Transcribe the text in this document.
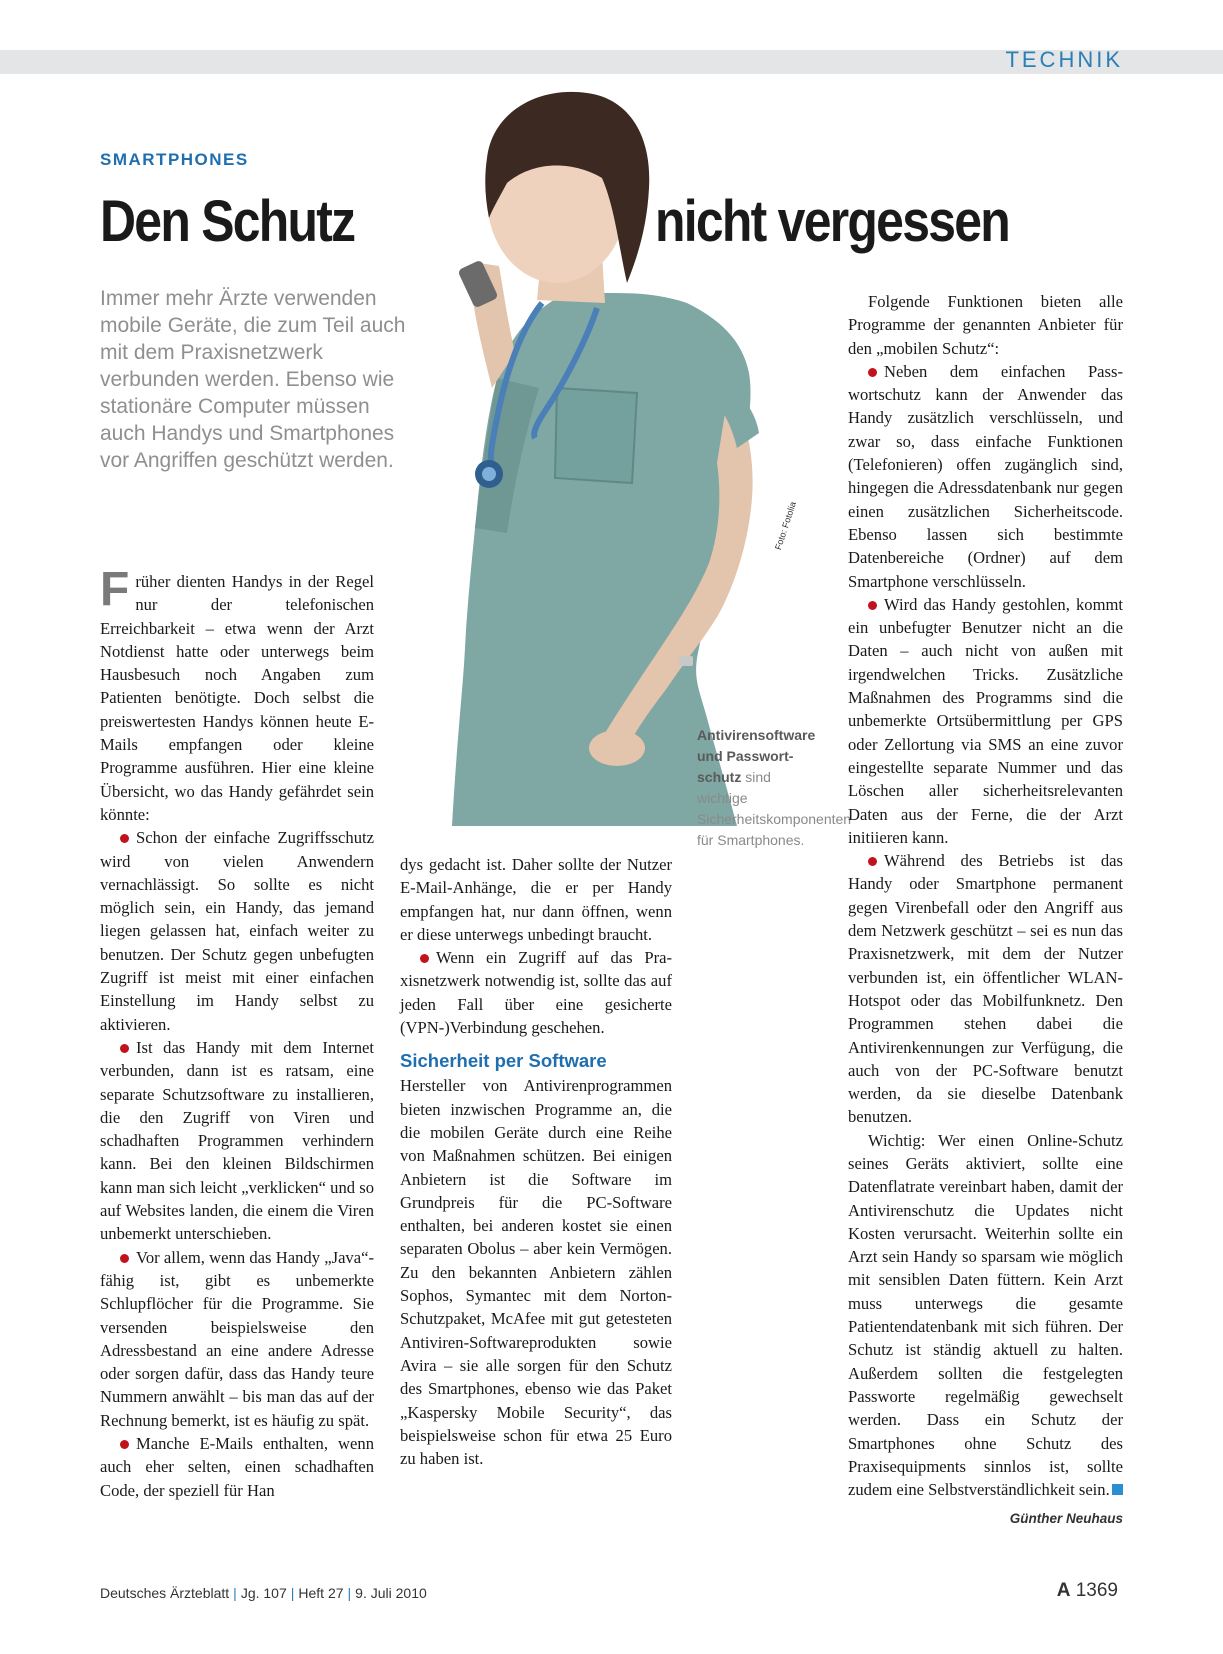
TECHNIK
SMARTPHONES
Den Schutz	nicht vergessen
Immer mehr Ärzte verwenden mobile Geräte, die zum Teil auch mit dem Praxisnetzwerk verbunden werden. Ebenso wie stationäre Computer müssen auch Handys und Smartphones vor Angriffen geschützt werden.
Foto: Fotolia
Antivirensoftware und Passwortschutz sind wichtige Sicherheitskomponenten für Smartphones.

Früher dienten Handys in der Regel nur der telefonischen Erreichbarkeit – etwa wenn der Arzt Notdienst hatte oder unterwegs beim Hausbesuch noch Angaben zum Patienten benötigte. Doch selbst die preiswertesten Handys können heute E-Mails empfangen oder kleine Programme ausführen. Hier eine kleine Übersicht, wo das Handy gefährdet sein könnte:

Schon der einfache Zugriffsschutz wird von vielen Anwendern vernachlässigt. So sollte es nicht möglich sein, ein Handy, das jemand liegen gelassen hat, einfach weiter zu benutzen. Der Schutz gegen unbefugten Zugriff ist meist mit einer einfachen Einstellung im Handy selbst zu aktivieren.

Ist das Handy mit dem Internet verbunden, dann ist es ratsam, eine separate Schutzsoftware zu installieren, die den Zugriff von Viren und schadhaften Programmen verhindern kann. Bei den kleinen Bildschirmen kann man sich leicht „verklicken“ und so auf Websites landen, die einem die Viren unbemerkt unterschieben.

Vor allem, wenn das Handy „Java“-fähig ist, gibt es unbemerkte Schlupflöcher für die Programme. Sie versenden beispielsweise den Adressbestand an eine andere Adresse oder sorgen dafür, dass das Handy teure Nummern anwählt – bis man das auf der Rechnung bemerkt, ist es häufig zu spät.

Manche E-Mails enthalten, wenn auch eher selten, einen schadhaften Code, der speziell für Han

dys gedacht ist. Daher sollte der Nutzer E-Mail-Anhänge, die er per Handy empfangen hat, nur dann öffnen, wenn er diese unterwegs unbedingt braucht.

Wenn ein Zugriff auf das Praxisnetzwerk notwendig ist, sollte das auf jeden Fall über eine gesicherte (VPN-)Verbindung geschehen.

Sicherheit per Software

Hersteller von Antivirenprogrammen bieten inzwischen Programme an, die die mobilen Geräte durch eine Reihe von Maßnahmen schützen. Bei einigen Anbietern ist die Software im Grundpreis für die PC-Software enthalten, bei anderen kostet sie einen separaten Obolus – aber kein Vermögen. Zu den bekannten Anbietern zählen Sophos, Symantec mit dem Norton-Schutzpaket, McAfee mit gut getesteten Antiviren-Softwareprodukten sowie Avira – sie alle sorgen für den Schutz des Smartphones, ebenso wie das Paket „Kaspersky Mobile Security“, das beispielsweise schon für etwa 25 Euro zu haben ist.

Folgende Funktionen bieten alle Programme der genannten Anbieter für den „mobilen Schutz“:

Neben dem einfachen Passwortschutz kann der Anwender das Handy zusätzlich verschlüsseln, und zwar so, dass einfache Funktionen (Telefonieren) offen zugänglich sind, hingegen die Adressdatenbank nur gegen einen zusätzlichen Sicherheitscode. Ebenso lassen sich bestimmte Datenbereiche (Ordner) auf dem Smartphone verschlüsseln.

Wird das Handy gestohlen, kommt ein unbefugter Benutzer nicht an die Daten – auch nicht von außen mit irgendwelchen Tricks. Zusätzliche Maßnahmen des Programms sind die unbemerkte Ortsübermittlung per GPS oder Zellortung via SMS an eine zuvor eingestellte separate Nummer und das Löschen aller sicherheitsrelevanten Daten aus der Ferne, die der Arzt initiieren kann.

Während des Betriebs ist das Handy oder Smartphone permanent gegen Virenbefall oder den Angriff aus dem Netzwerk geschützt – sei es nun das Praxisnetzwerk, mit dem der Nutzer verbunden ist, ein öffentlicher WLAN-Hotspot oder das Mobilfunknetz. Den Programmen stehen dabei die Antivirenkennungen zur Verfügung, die auch von der PC-Software benutzt werden, da sie dieselbe Datenbank benutzen.

Wichtig: Wer einen Online-Schutz seines Geräts aktiviert, sollte eine Datenflatrate vereinbart haben, damit der Antivirenschutz die Updates nicht Kosten verursacht. Weiterhin sollte ein Arzt sein Handy so sparsam wie möglich mit sensiblen Daten füttern. Kein Arzt muss unterwegs die gesamte Patientendatenbank mit sich führen. Der Schutz ist ständig aktuell zu halten. Außerdem sollten die festgelegten Passworte regelmäßig gewechselt werden. Dass ein Schutz der Smartphones ohne Schutz des Praxisequipments sinnlos ist, sollte zudem eine Selbstverständlichkeit sein.

Günther Neuhaus

Deutsches Ärzteblatt | Jg. 107 | Heft 27 | 9. Juli 2010	A 1369
